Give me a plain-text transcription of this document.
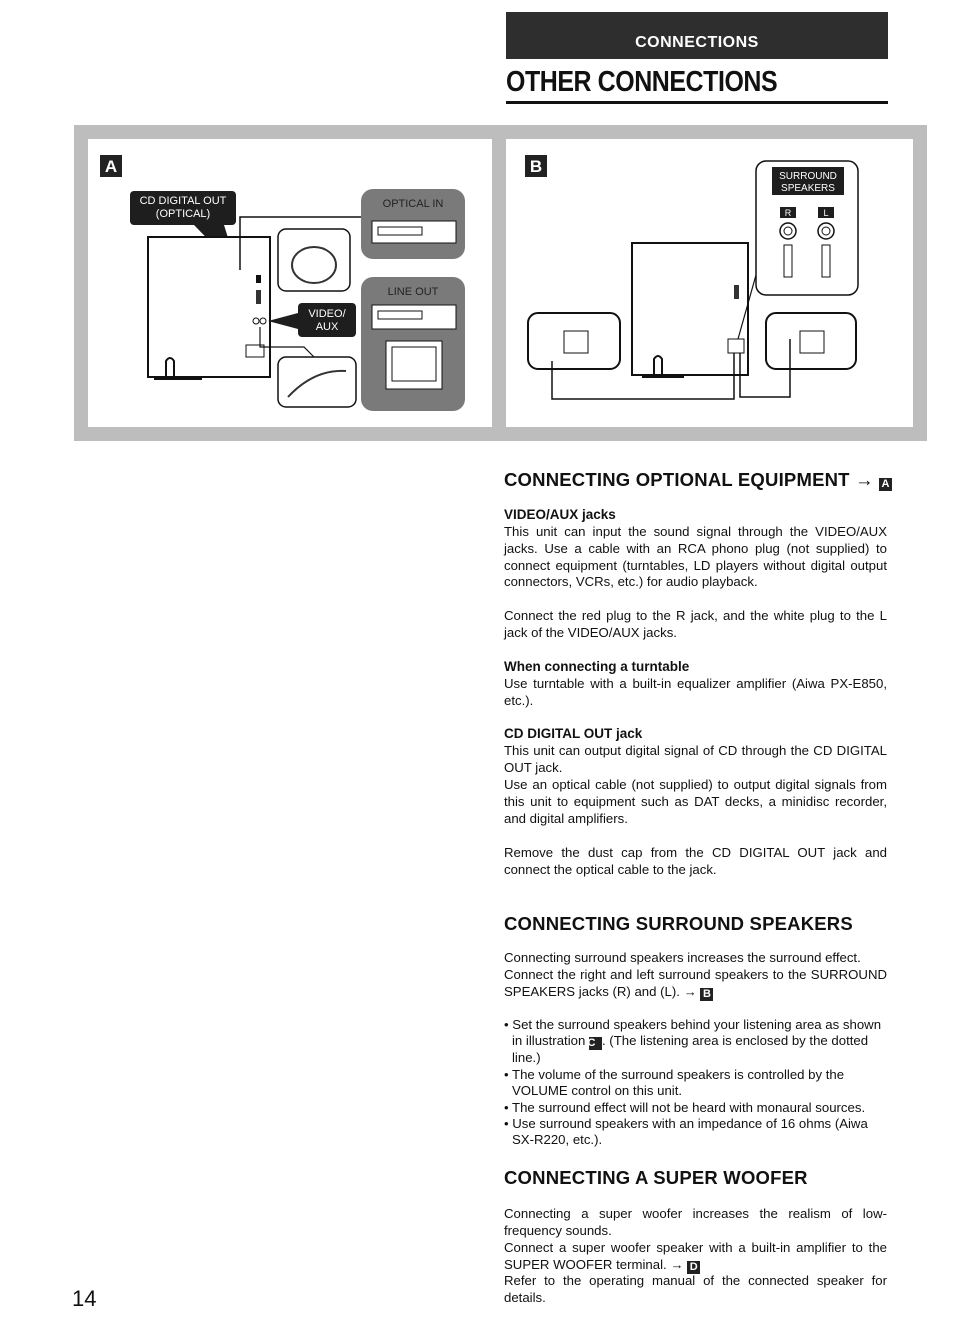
CONNECTIONS
OTHER CONNECTIONS
A
CD DIGITAL OUT
(OPTICAL)
OPTICAL IN
VIDEO/
AUX
LINE OUT
B
SURROUND
SPEAKERS
R	L
CONNECTING OPTIONAL EQUIPMENT → A
VIDEO/AUX jacks

This unit can input the sound signal through the VIDEO/AUX jacks. Use a cable with an RCA phono plug (not supplied) to connect equipment (turntables, LD players without digital output connectors, VCRs, etc.) for audio playback.

Connect the red plug to the R jack, and the white plug to the L jack of the VIDEO/AUX jacks.

When connecting a turntable

Use turntable with a built-in equalizer amplifier (Aiwa PX-E850, etc.).

CD DIGITAL OUT jack

This unit can output digital signal of CD through the CD DIGITAL OUT jack.

Use an optical cable (not supplied) to output digital signals from this unit to equipment such as DAT decks, a minidisc recorder, and digital amplifiers.

Remove the dust cap from the CD DIGITAL OUT jack and connect the optical cable to the jack.

CONNECTING SURROUND SPEAKERS

Connecting surround speakers increases the surround effect.

Connect the right and left surround speakers to the SURROUND SPEAKERS jacks (R) and (L). → B

• Set the surround speakers behind your listening area as shown in illustration C . (The listening area is enclosed by the dotted line.)
• The volume of the surround speakers is controlled by the VOLUME control on this unit.
• The surround effect will not be heard with monaural sources.
• Use surround speakers with an impedance of 16 ohms (Aiwa SX-R220, etc.).
CONNECTING A SUPER WOOFER

Connecting a super woofer increases the realism of low-frequency sounds.

Connect a super woofer speaker with a built-in amplifier to the SUPER WOOFER terminal. → D

Refer to the operating manual of the connected speaker for details.

14
